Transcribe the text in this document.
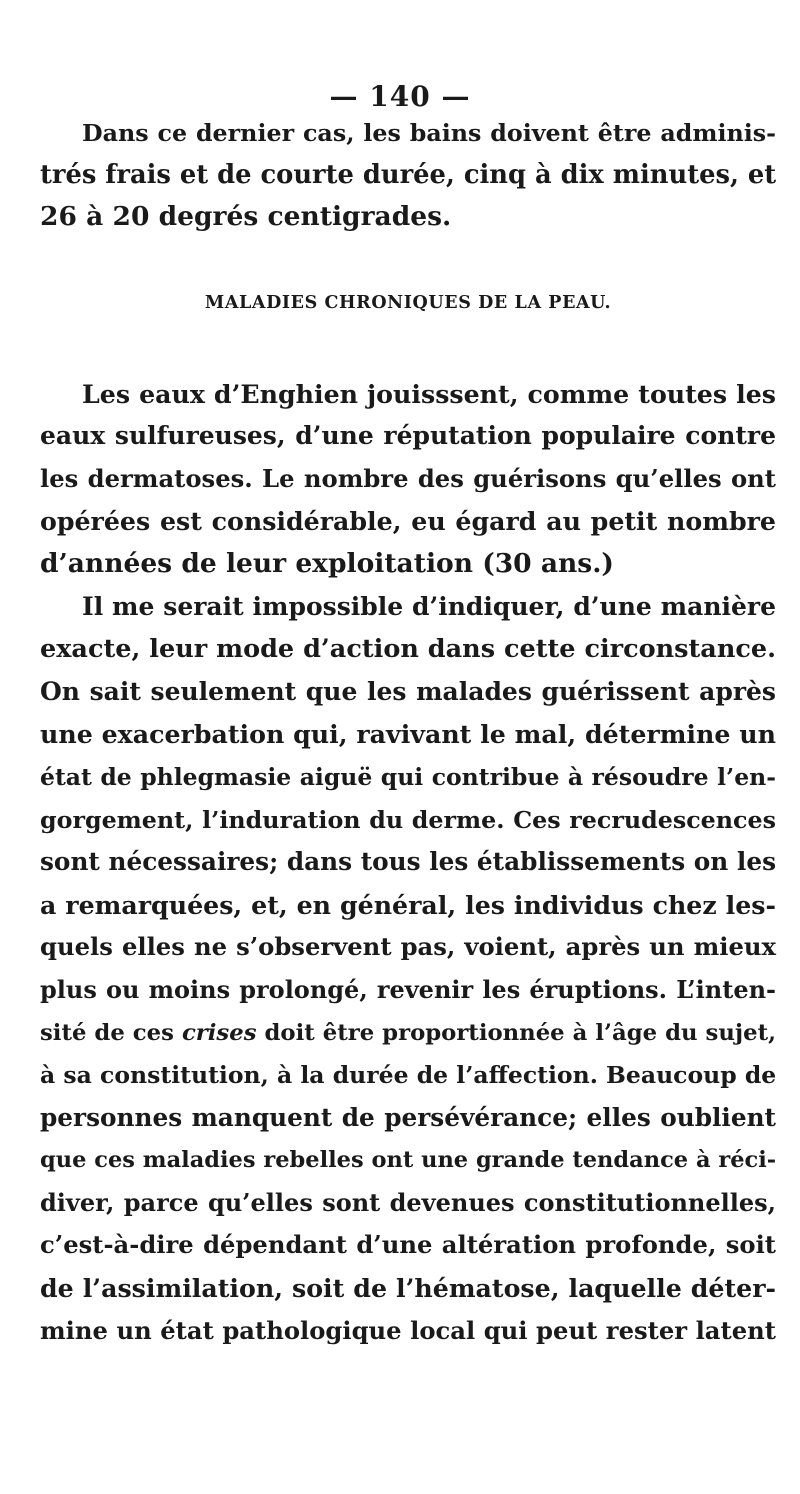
— 140 —
Dans ce dernier cas, les bains doivent être adminis-
trés frais et de courte durée, cinq à dix minutes, et
26 à 20 degrés centigrades.
MALADIES CHRONIQUES DE LA PEAU.
Les eaux d’Enghien jouisssent, comme toutes les
eaux sulfureuses, d’une réputation populaire contre
les dermatoses. Le nombre des guérisons qu’elles ont
opérées est considérable, eu égard au petit nombre
d’années de leur exploitation (30 ans.)
Il me serait impossible d’indiquer, d’une manière
exacte, leur mode d’action dans cette circonstance.
On sait seulement que les malades guérissent après
une exacerbation qui, ravivant le mal, détermine un
état de phlegmasie aiguë qui contribue à résoudre l’en-
gorgement, l’induration du derme. Ces recrudescences
sont nécessaires; dans tous les établissements on les
a remarquées, et, en général, les individus chez les-
quels elles ne s’observent pas, voient, après un mieux
plus ou moins prolongé, revenir les éruptions. L’inten-
sité de ces crises doit être proportionnée à l’âge du sujet,
à sa constitution, à la durée de l’affection. Beaucoup de
personnes manquent de persévérance; elles oublient
que ces maladies rebelles ont une grande tendance à réci-
diver, parce qu’elles sont devenues constitutionnelles,
c’est-à-dire dépendant d’une altération profonde, soit
de l’assimilation, soit de l’hématose, laquelle déter-
mine un état pathologique local qui peut rester latent
